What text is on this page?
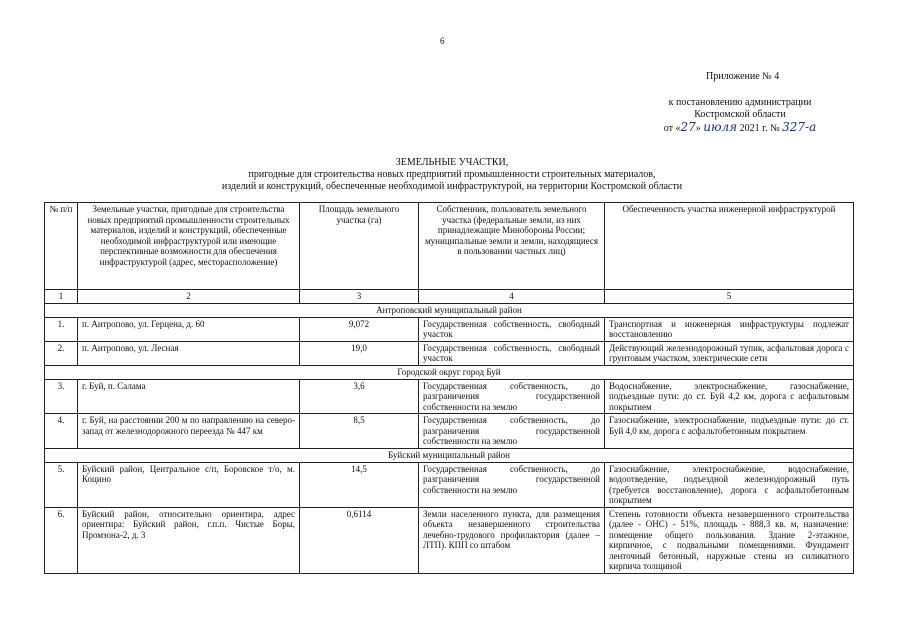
6
Приложение № 4
к постановлению администрации
Костромской области
от «27» июля 2021 г. № 327-а
ЗЕМЕЛЬНЫЕ УЧАСТКИ,
пригодные для строительства новых предприятий промышленности строительных материалов,
изделий и конструкций, обеспеченные необходимой инфраструктурой, на территории Костромской области
№ п/п	Земельные участки, пригодные для строительства новых предприятий промышленности строительных материалов, изделий и конструкций, обеспеченные необходимой инфраструктурой или имеющие перспективные возможности для обеспечения инфраструктурой (адрес, месторасположение)	Площадь земельного участка (га)	Собственник, пользователь земельного участка (федеральные земли, из них принадлежащие Минобороны России; муниципальные земли и земли, находящиеся в пользовании частных лиц)	Обеспеченность участка инженерной инфраструктурой
1	2	3	4	5
Антроповский муниципальный район				
1.	п. Антропово, ул. Герцена, д. 60	9,072	Государственная собственность, свободный участок	Транспортная и инженерная инфраструктуры подлежат восстановлению
2.	п. Антропово, ул. Лесная	19,0	Государственная собственность, свободный участок	Действующий железнодорожный тупик, асфальтовая дорога с грунтовым участком, электрические сети
Городской округ город Буй				
3.	г. Буй, п. Салама	3,6	Государственная собственность, до разграничения государственной собственности на землю	Водоснабжение, электроснабжение, газоснабжение, подъездные пути: до ст. Буй 4,2 км, дорога с асфальтовым покрытием
4.	г. Буй, на расстоянии 200 м по направлению на северо-запад от железнодорожного переезда № 447 км	8,5	Государственная собственность, до разграничения государственной собственности на землю	Газоснабжение, электроснабжение, подъездные пути: до ст. Буй 4,0 км, дорога с асфальтобетонным покрытием
Буйский муниципальный район				
5.	Буйский район, Центральное с/п, Боровское т/о, м. Коцино	14,5	Государственная собственность, до разграничения государственной собственности на землю	Газоснабжение, электроснабжение, водоснабжение, водоотведение, подъездной железнодорожный путь (требуется восстановление), дорога с асфальтобетонным покрытием
6.	Буйский район, относительно ориентира, адрес ориентира: Буйский район, г.п.п. Чистые Боры, Промзона-2, д. 3	0,6114	Земли населенного пункта, для размещения объекта незавершенного строительства лечебно-трудового профилактория (далее – ЛТП). КПП со штабом	Степень готовности объекта незавершенного строительства (далее - ОНС) - 51%, площадь - 888,3 кв. м, назначение: помещение общего пользования. Здание 2-этажное, кирпичное, с подвальными помещениями. Фундамент ленточный бетонный, наружные стены из силикатного кирпича толщиной
